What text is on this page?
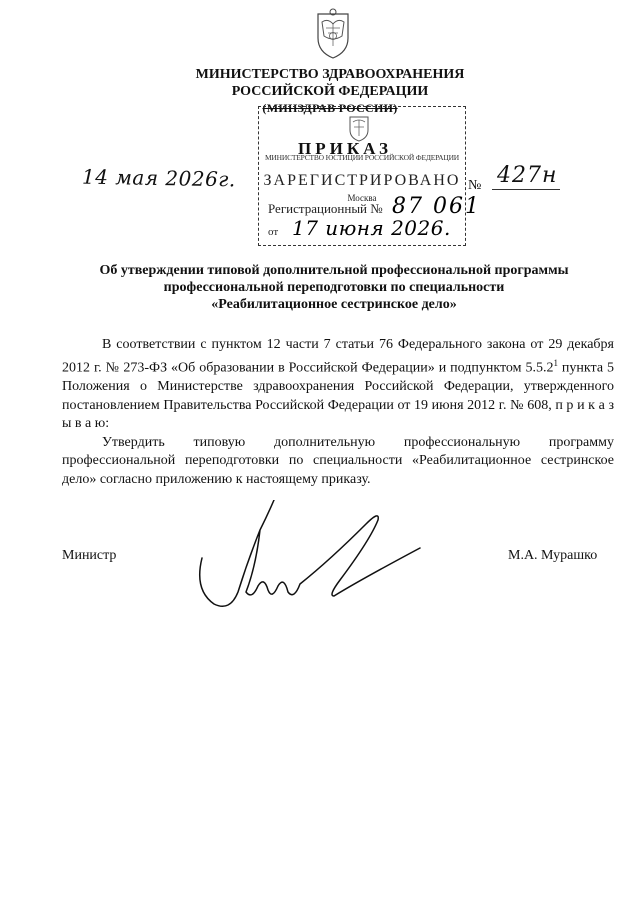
МИНИСТЕРСТВО ЗДРАВООХРАНЕНИЯ
РОССИЙСКОЙ ФЕДЕРАЦИИ
(МИНЗДРАВ РОССИИ)
ПРИКАЗ
МИНИСТЕРСТВО ЮСТИЦИИ РОССИЙСКОЙ ФЕДЕРАЦИИ
ЗАРЕГИСТРИРОВАНО
Москва
Регистрационный № 87 061
от 17 июня 2026.
14 мая 2026г.	№ 427н
Об утверждении типовой дополнительной профессиональной программы
профессиональной переподготовки по специальности
«Реабилитационное сестринское дело»

В соответствии с пунктом 12 части 7 статьи 76 Федерального закона от 29 декабря 2012 г. № 273-ФЗ «Об образовании в Российской Федерации» и подпунктом 5.5.2$^1$ пункта 5 Положения о Министерстве здравоохранения Российской Федерации, утвержденного постановлением Правительства Российской Федерации от 19 июня 2012 г. № 608, п р и к а з ы в а ю:

Утвердить типовую дополнительную профессиональную программу профессиональной переподготовки по специальности «Реабилитационное сестринское дело» согласно приложению к настоящему приказу.

Министр	М.А. Мурашко
